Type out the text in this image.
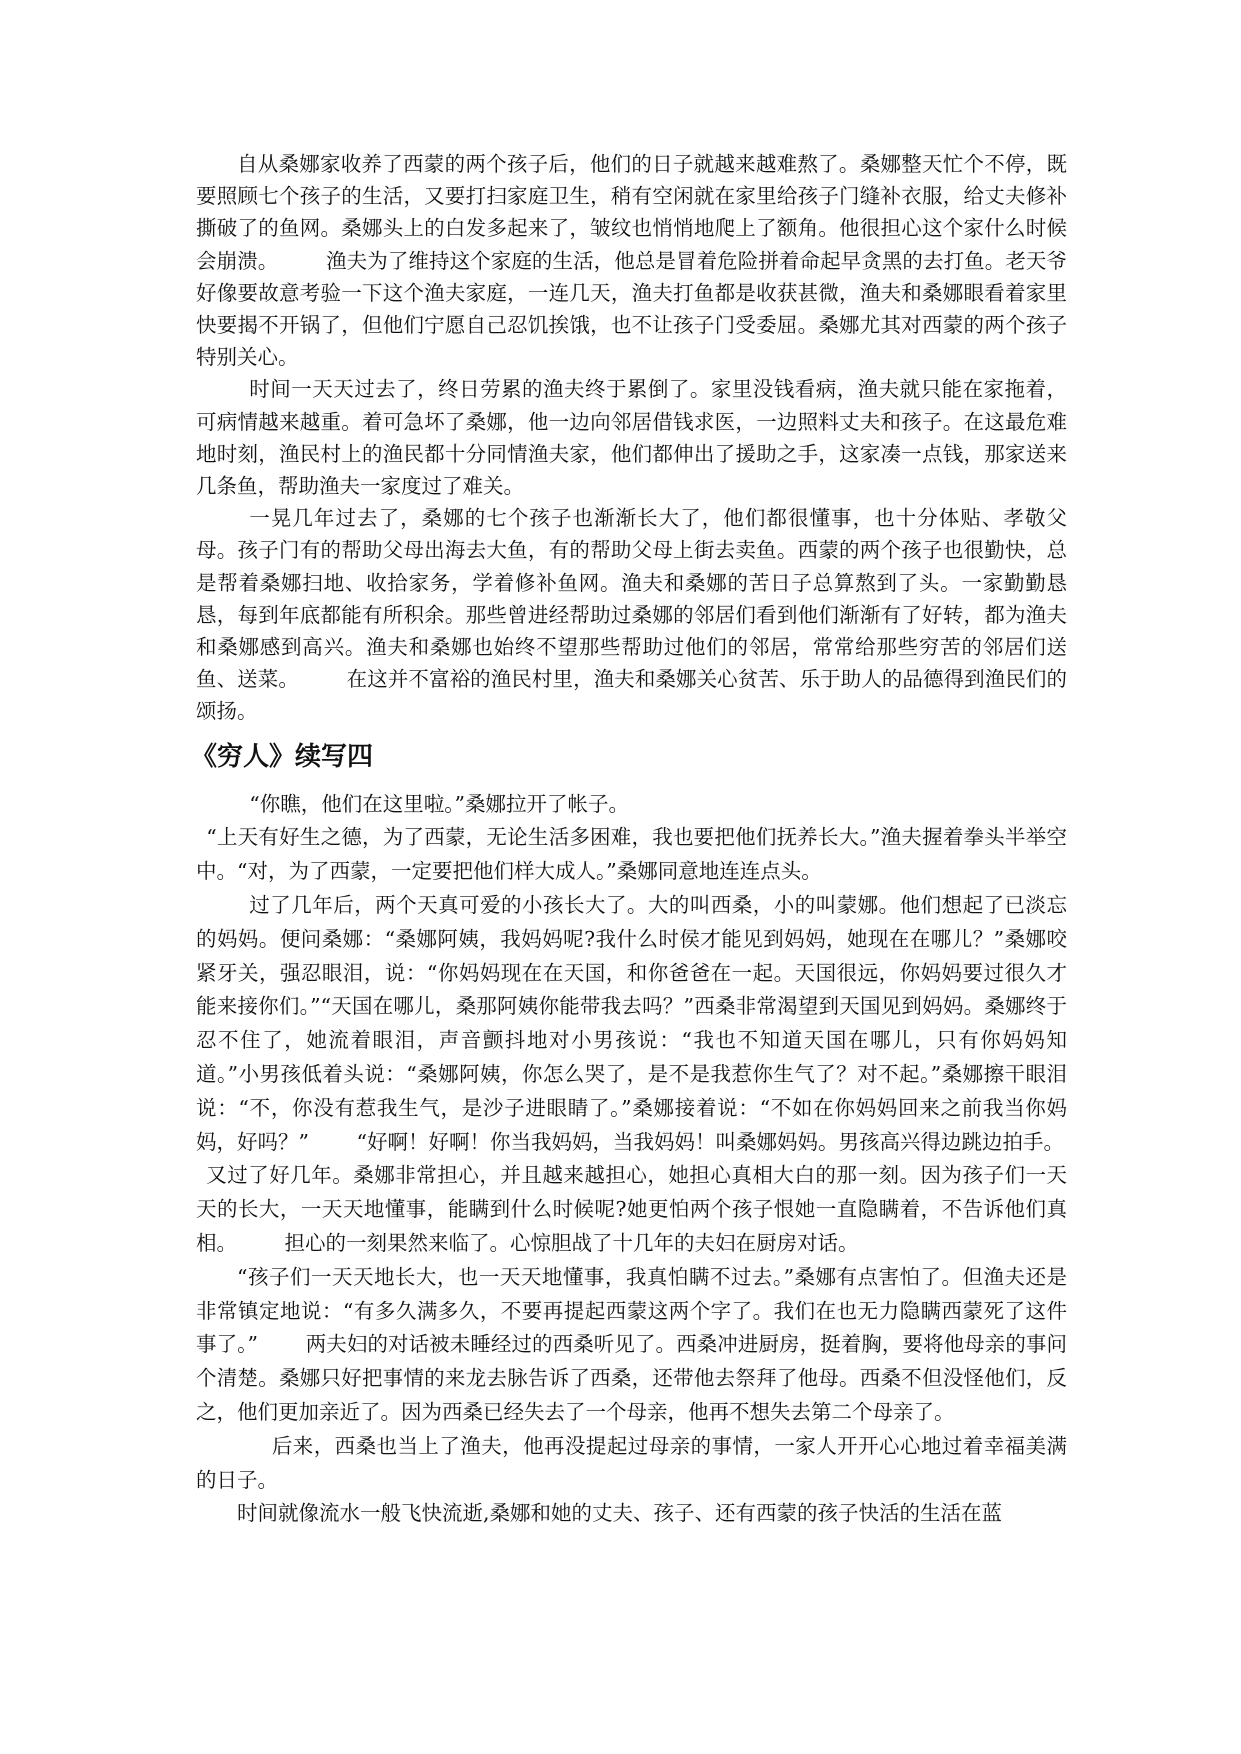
自从桑娜家收养了西蒙的两个孩子后，他们的日子就越来越难熬了。桑娜整天忙个不停，既要照顾七个孩子的生活，又要打扫家庭卫生，稍有空闲就在家里给孩子门缝补衣服，给丈夫修补撕破了的鱼网。桑娜头上的白发多起来了，皱纹也悄悄地爬上了额角。他很担心这个家什么时候会崩溃。 　　渔夫为了维持这个家庭的生活，他总是冒着危险拼着命起早贪黑的去打鱼。老天爷好像要故意考验一下这个渔夫家庭，一连几天，渔夫打鱼都是收获甚微，渔夫和桑娜眼看着家里快要揭不开锅了，但他们宁愿自己忍饥挨饿，也不让孩子门受委屈。桑娜尤其对西蒙的两个孩子特别关心。

时间一天天过去了，终日劳累的渔夫终于累倒了。家里没钱看病，渔夫就只能在家拖着，可病情越来越重。着可急坏了桑娜，他一边向邻居借钱求医，一边照料丈夫和孩子。在这最危难地时刻，渔民村上的渔民都十分同情渔夫家，他们都伸出了援助之手，这家凑一点钱，那家送来几条鱼，帮助渔夫一家度过了难关。

一晃几年过去了，桑娜的七个孩子也渐渐长大了，他们都很懂事，也十分体贴、孝敬父母。孩子门有的帮助父母出海去大鱼，有的帮助父母上街去卖鱼。西蒙的两个孩子也很勤快，总是帮着桑娜扫地、收拾家务，学着修补鱼网。渔夫和桑娜的苦日子总算熬到了头。一家勤勤恳恳，每到年底都能有所积余。那些曾进经帮助过桑娜的邻居们看到他们渐渐有了好转，都为渔夫和桑娜感到高兴。渔夫和桑娜也始终不望那些帮助过他们的邻居，常常给那些穷苦的邻居们送鱼、送菜。 　　在这并不富裕的渔民村里，渔夫和桑娜关心贫苦、乐于助人的品德得到渔民们的颂扬。

《穷人》续写四

“你瞧，他们在这里啦。”桑娜拉开了帐子。

“上天有好生之德，为了西蒙，无论生活多困难，我也要把他们抚养长大。”渔夫握着拳头半举空中。“对，为了西蒙，一定要把他们样大成人。”桑娜同意地连连点头。

过了几年后，两个天真可爱的小孩长大了。大的叫西桑，小的叫蒙娜。他们想起了已淡忘的妈妈。便问桑娜：“桑娜阿姨，我妈妈呢?我什么时侯才能见到妈妈，她现在在哪儿？”桑娜咬紧牙关，强忍眼泪，说：“你妈妈现在在天国，和你爸爸在一起。天国很远，你妈妈要过很久才能来接你们。”“天国在哪儿，桑那阿姨你能带我去吗？”西桑非常渴望到天国见到妈妈。桑娜终于忍不住了，她流着眼泪，声音颤抖地对小男孩说：“我也不知道天国在哪儿，只有你妈妈知道。”小男孩低着头说：“桑娜阿姨，你怎么哭了，是不是我惹你生气了？对不起。”桑娜擦干眼泪说：“不，你没有惹我生气，是沙子进眼睛了。”桑娜接着说：“不如在你妈妈回来之前我当你妈妈，好吗？” 　　“好啊！好啊！你当我妈妈，当我妈妈！叫桑娜妈妈。男孩高兴得边跳边拍手。

又过了好几年。桑娜非常担心，并且越来越担心，她担心真相大白的那一刻。因为孩子们一天天的长大，一天天地懂事，能瞒到什么时候呢?她更怕两个孩子恨她一直隐瞒着，不告诉他们真相。 　　担心的一刻果然来临了。心惊胆战了十几年的夫妇在厨房对话。

“孩子们一天天地长大，也一天天地懂事，我真怕瞒不过去。”桑娜有点害怕了。但渔夫还是非常镇定地说：“有多久满多久，不要再提起西蒙这两个字了。我们在也无力隐瞒西蒙死了这件事了。” 　　两夫妇的对话被未睡经过的西桑听见了。西桑冲进厨房，挺着胸，要将他母亲的事问个清楚。桑娜只好把事情的来龙去脉告诉了西桑，还带他去祭拜了他母。西桑不但没怪他们，反之，他们更加亲近了。因为西桑已经失去了一个母亲，他再不想失去第二个母亲了。

后来，西桑也当上了渔夫，他再没提起过母亲的事情，一家人开开心心地过着幸福美满的日子。

时间就像流水一般飞快流逝,桑娜和她的丈夫、孩子、还有西蒙的孩子快活的生活在蓝
